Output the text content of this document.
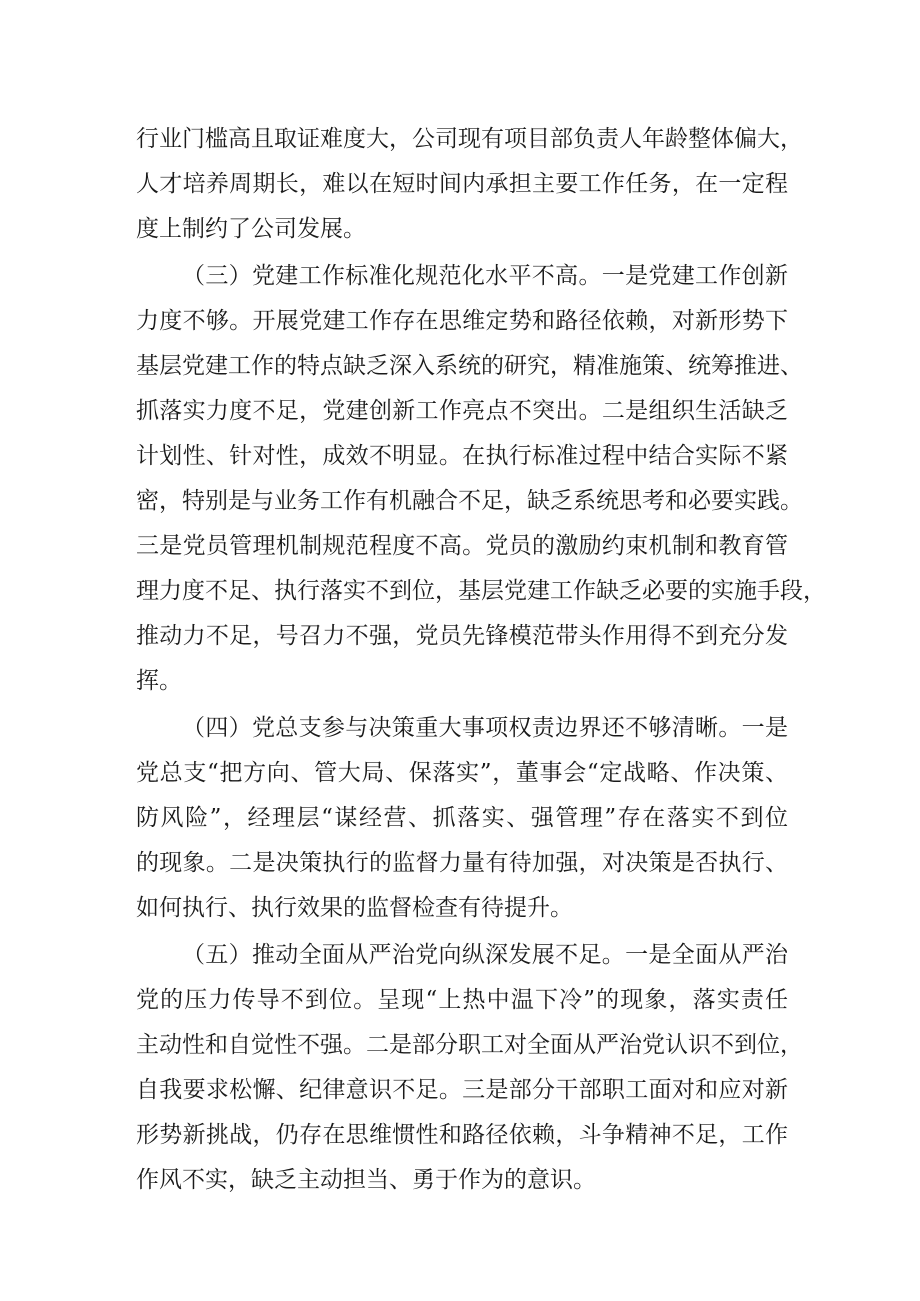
行业门槛高且取证难度大，公司现有项目部负责人年龄整体偏大，
人才培养周期长，难以在短时间内承担主要工作任务，在一定程
度上制约了公司发展。
（三）党建工作标准化规范化水平不高。一是党建工作创新
力度不够。开展党建工作存在思维定势和路径依赖，对新形势下
基层党建工作的特点缺乏深入系统的研究，精准施策、统筹推进、
抓落实力度不足，党建创新工作亮点不突出。二是组织生活缺乏
计划性、针对性，成效不明显。在执行标准过程中结合实际不紧
密，特别是与业务工作有机融合不足，缺乏系统思考和必要实践。
三是党员管理机制规范程度不高。党员的激励约束机制和教育管
理力度不足、执行落实不到位，基层党建工作缺乏必要的实施手段，
推动力不足，号召力不强，党员先锋模范带头作用得不到充分发
挥。
（四）党总支参与决策重大事项权责边界还不够清晰。一是
党总支“把方向、管大局、保落实”，董事会“定战略、作决策、
防风险”，经理层“谋经营、抓落实、强管理”存在落实不到位
的现象。二是决策执行的监督力量有待加强，对决策是否执行、
如何执行、执行效果的监督检查有待提升。
（五）推动全面从严治党向纵深发展不足。一是全面从严治
党的压力传导不到位。呈现“上热中温下冷”的现象，落实责任
主动性和自觉性不强。二是部分职工对全面从严治党认识不到位，
自我要求松懈、纪律意识不足。三是部分干部职工面对和应对新
形势新挑战，仍存在思维惯性和路径依赖，斗争精神不足，工作
作风不实，缺乏主动担当、勇于作为的意识。
